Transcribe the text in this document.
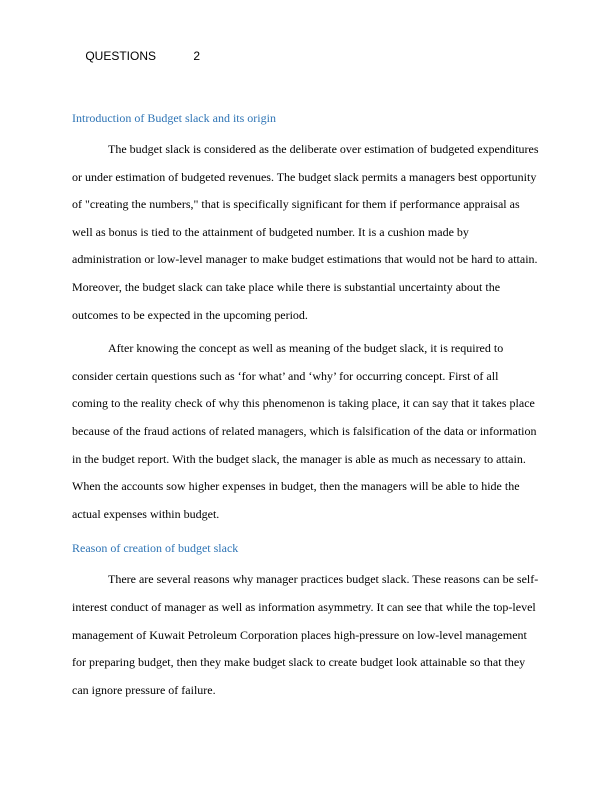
QUESTIONS	2

Introduction of Budget slack and its origin

The budget slack is considered as the deliberate over estimation of budgeted expenditures
or under estimation of budgeted revenues. The budget slack permits a managers best opportunity
of "creating the numbers," that is specifically significant for them if performance appraisal as
well as bonus is tied to the attainment of budgeted number. It is a cushion made by
administration or low-level manager to make budget estimations that would not be hard to attain.
Moreover, the budget slack can take place while there is substantial uncertainty about the
outcomes to be expected in the upcoming period.

After knowing the concept as well as meaning of the budget slack, it is required to
consider certain questions such as ‘for what’ and ‘why’ for occurring concept. First of all
coming to the reality check of why this phenomenon is taking place, it can say that it takes place
because of the fraud actions of related managers, which is falsification of the data or information
in the budget report. With the budget slack, the manager is able as much as necessary to attain.
When the accounts sow higher expenses in budget, then the managers will be able to hide the
actual expenses within budget.

Reason of creation of budget slack

There are several reasons why manager practices budget slack. These reasons can be self-
interest conduct of manager as well as information asymmetry. It can see that while the top-level
management of Kuwait Petroleum Corporation places high-pressure on low-level management
for preparing budget, then they make budget slack to create budget look attainable so that they
can ignore pressure of failure.
